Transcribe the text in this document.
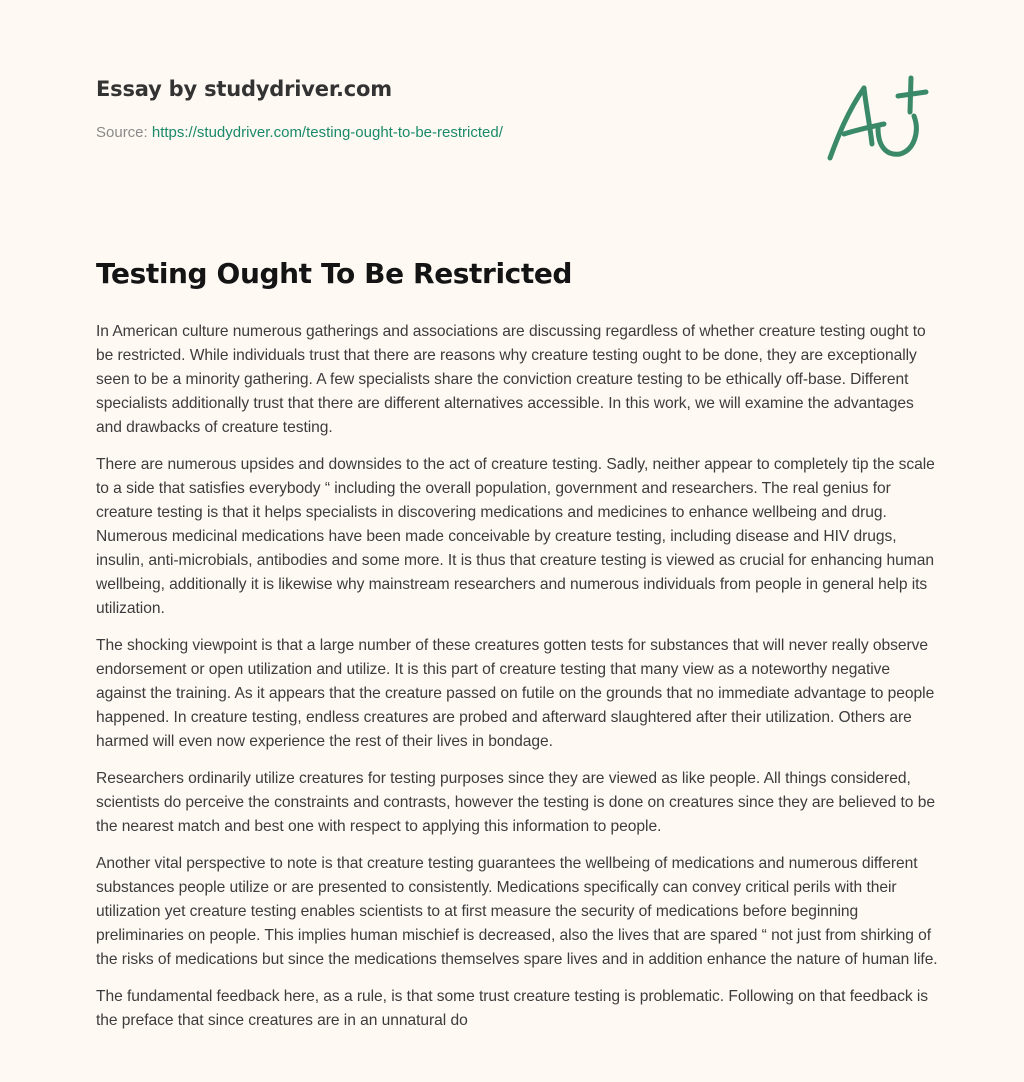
Essay by studydriver.com
Source: https://studydriver.com/testing-ought-to-be-restricted/
Testing Ought To Be Restricted

In American culture numerous gatherings and associations are discussing regardless of whether creature testing ought to be restricted. While individuals trust that there are reasons why creature testing ought to be done, they are exceptionally seen to be a minority gathering. A few specialists share the conviction creature testing to be ethically off-base. Different specialists additionally trust that there are different alternatives accessible. In this work, we will examine the advantages and drawbacks of creature testing.

There are numerous upsides and downsides to the act of creature testing. Sadly, neither appear to completely tip the scale to a side that satisfies everybody “ including the overall population, government and researchers. The real genius for creature testing is that it helps specialists in discovering medications and medicines to enhance wellbeing and drug. Numerous medicinal medications have been made conceivable by creature testing, including disease and HIV drugs, insulin, anti-microbials, antibodies and some more. It is thus that creature testing is viewed as crucial for enhancing human wellbeing, additionally it is likewise why mainstream researchers and numerous individuals from people in general help its utilization.

The shocking viewpoint is that a large number of these creatures gotten tests for substances that will never really observe endorsement or open utilization and utilize. It is this part of creature testing that many view as a noteworthy negative against the training. As it appears that the creature passed on futile on the grounds that no immediate advantage to people happened. In creature testing, endless creatures are probed and afterward slaughtered after their utilization. Others are harmed will even now experience the rest of their lives in bondage.

Researchers ordinarily utilize creatures for testing purposes since they are viewed as like people. All things considered, scientists do perceive the constraints and contrasts, however the testing is done on creatures since they are believed to be the nearest match and best one with respect to applying this information to people.

Another vital perspective to note is that creature testing guarantees the wellbeing of medications and numerous different substances people utilize or are presented to consistently. Medications specifically can convey critical perils with their utilization yet creature testing enables scientists to at first measure the security of medications before beginning preliminaries on people. This implies human mischief is decreased, also the lives that are spared “ not just from shirking of the risks of medications but since the medications themselves spare lives and in addition enhance the nature of human life.

The fundamental feedback here, as a rule, is that some trust creature testing is problematic. Following on that feedback is the preface that since creatures are in an unnatural do
